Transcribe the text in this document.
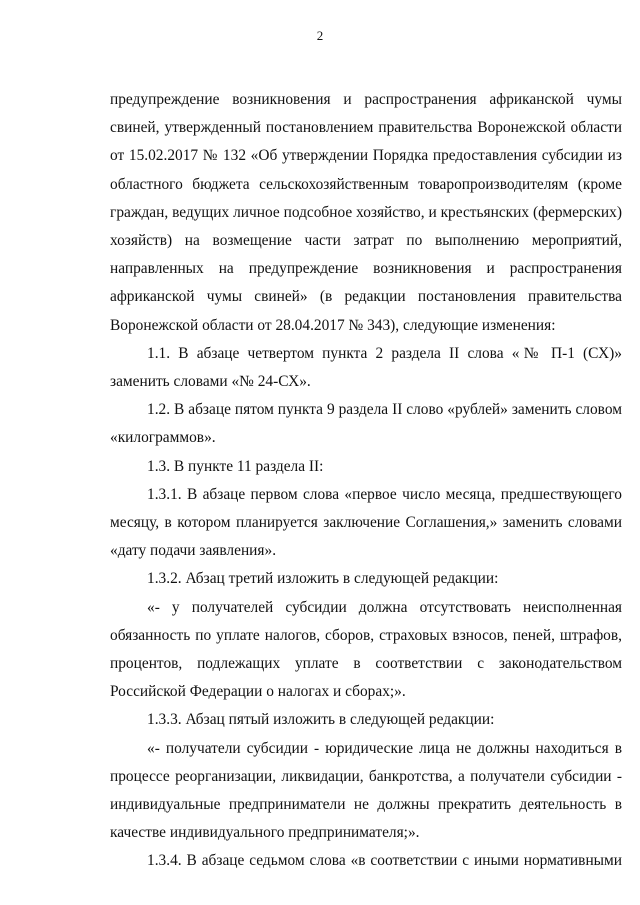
2

предупреждение возникновения и распространения африканской чумы свиней, утвержденный постановлением правительства Воронежской области от 15.02.2017 № 132 «Об утверждении Порядка предоставления субсидии из областного бюджета сельскохозяйственным товаропроизводителям (кроме граждан, ведущих личное подсобное хозяйство, и крестьянских (фермерских) хозяйств) на возмещение части затрат по выполнению мероприятий, направленных на предупреждение возникновения и распространения африканской чумы свиней» (в редакции постановления правительства Воронежской области от 28.04.2017 № 343), следующие изменения:

1.1. В абзаце четвертом пункта 2 раздела II слова «№ П-1 (СХ)» заменить словами «№ 24-СХ».

1.2. В абзаце пятом пункта 9 раздела II слово «рублей» заменить словом «килограммов».

1.3. В пункте 11 раздела II:

1.3.1. В абзаце первом слова «первое число месяца, предшествующего месяцу, в котором планируется заключение Соглашения,» заменить словами «дату подачи заявления».

1.3.2. Абзац третий изложить в следующей редакции:

«- у получателей субсидии должна отсутствовать неисполненная обязанность по уплате налогов, сборов, страховых взносов, пеней, штрафов, процентов, подлежащих уплате в соответствии с законодательством Российской Федерации о налогах и сборах;».

1.3.3. Абзац пятый изложить в следующей редакции:

«- получатели субсидии - юридические лица не должны находиться в процессе реорганизации, ликвидации, банкротства, а получатели субсидии - индивидуальные предприниматели не должны прекратить деятельность в качестве индивидуального предпринимателя;».

1.3.4. В абзаце седьмом слова «в соответствии с иными нормативными
